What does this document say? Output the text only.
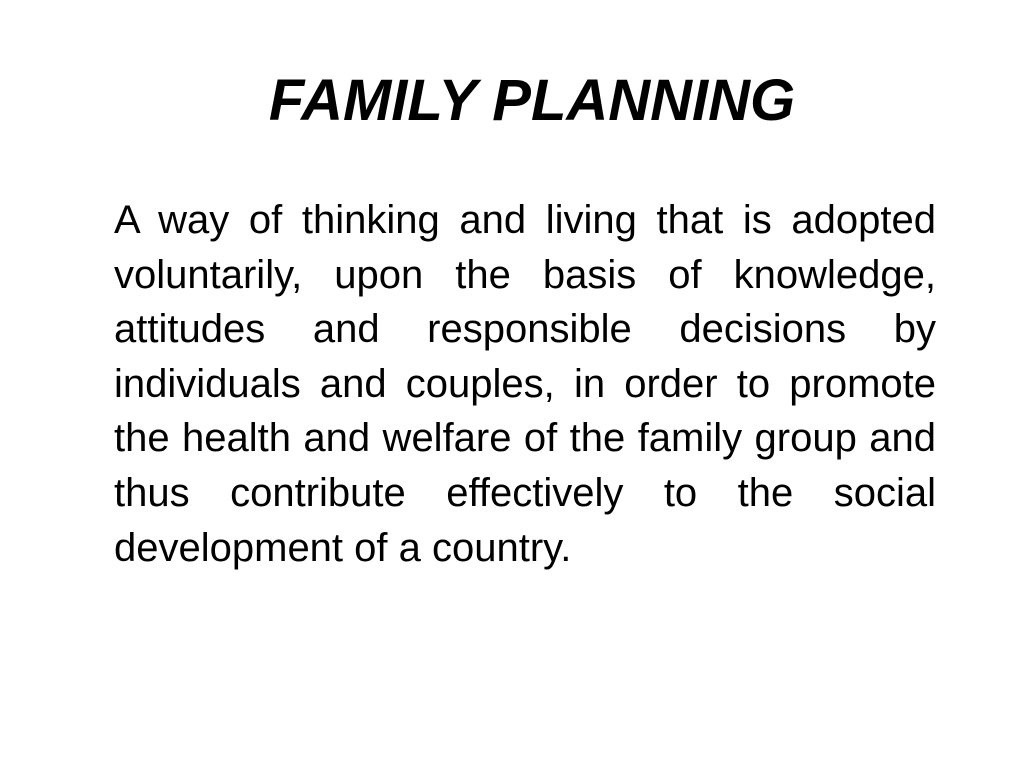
FAMILY PLANNING

A way of thinking and living that is adopted voluntarily, upon the basis of knowledge, attitudes and responsible decisions by individuals and couples, in order to promote the health and welfare of the family group and thus contribute effectively to the social development of a country.
